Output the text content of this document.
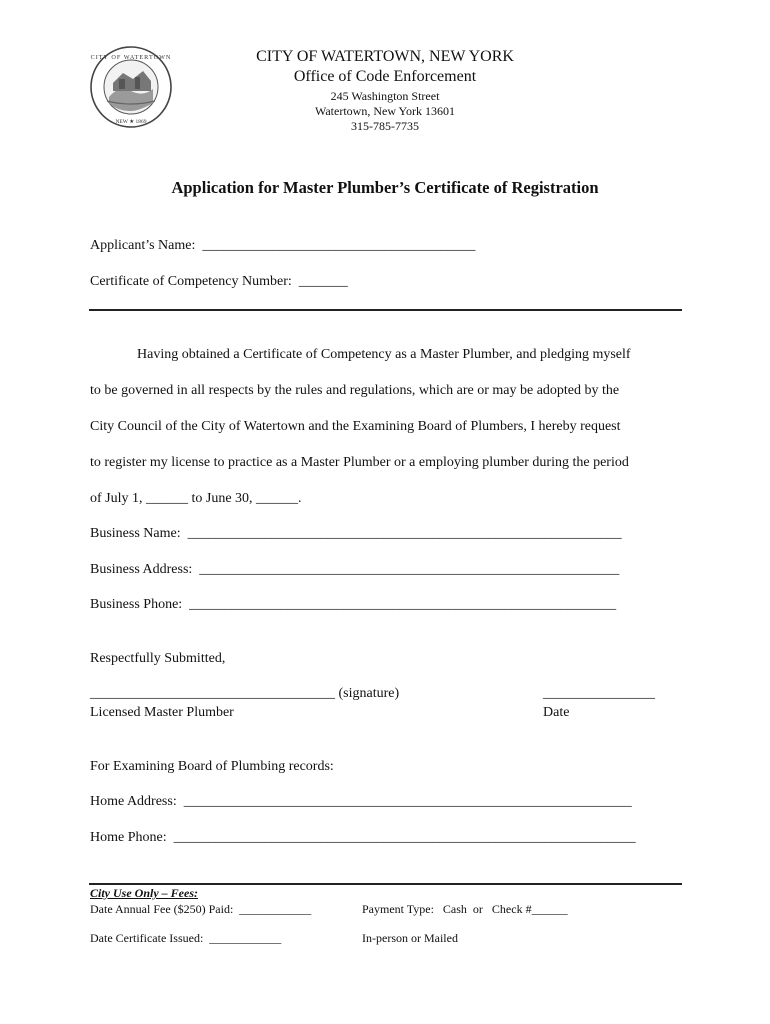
CITY OF WATERTOWN
NEW ★ 1869
CITY OF WATERTOWN, NEW YORK
Office of Code Enforcement
245 Washington Street
Watertown, New York 13601
315-785-7735
Application for Master Plumber’s Certificate of Registration
Applicant’s Name:  _______________________________________
Certificate of Competency Number:  _______
Having obtained a Certificate of Competency as a Master Plumber, and pledging myself
to be governed in all respects by the rules and regulations, which are or may be adopted by the
City Council of the City of Watertown and the Examining Board of Plumbers, I hereby request
to register my license to practice as a Master Plumber or a employing plumber during the period
of July 1, ______ to June 30, ______.
Business Name:  ______________________________________________________________
Business Address:  ____________________________________________________________
Business Phone:  _____________________________________________________________
Respectfully Submitted,
___________________________________ (signature)	________________
Licensed Master Plumber	Date
For Examining Board of Plumbing records:
Home Address:  ________________________________________________________________
Home Phone:  __________________________________________________________________
City Use Only – Fees:
Date Annual Fee ($250) Paid:  ____________	Payment Type:   Cash  or   Check #______
Date Certificate Issued:  ____________	In-person or Mailed
